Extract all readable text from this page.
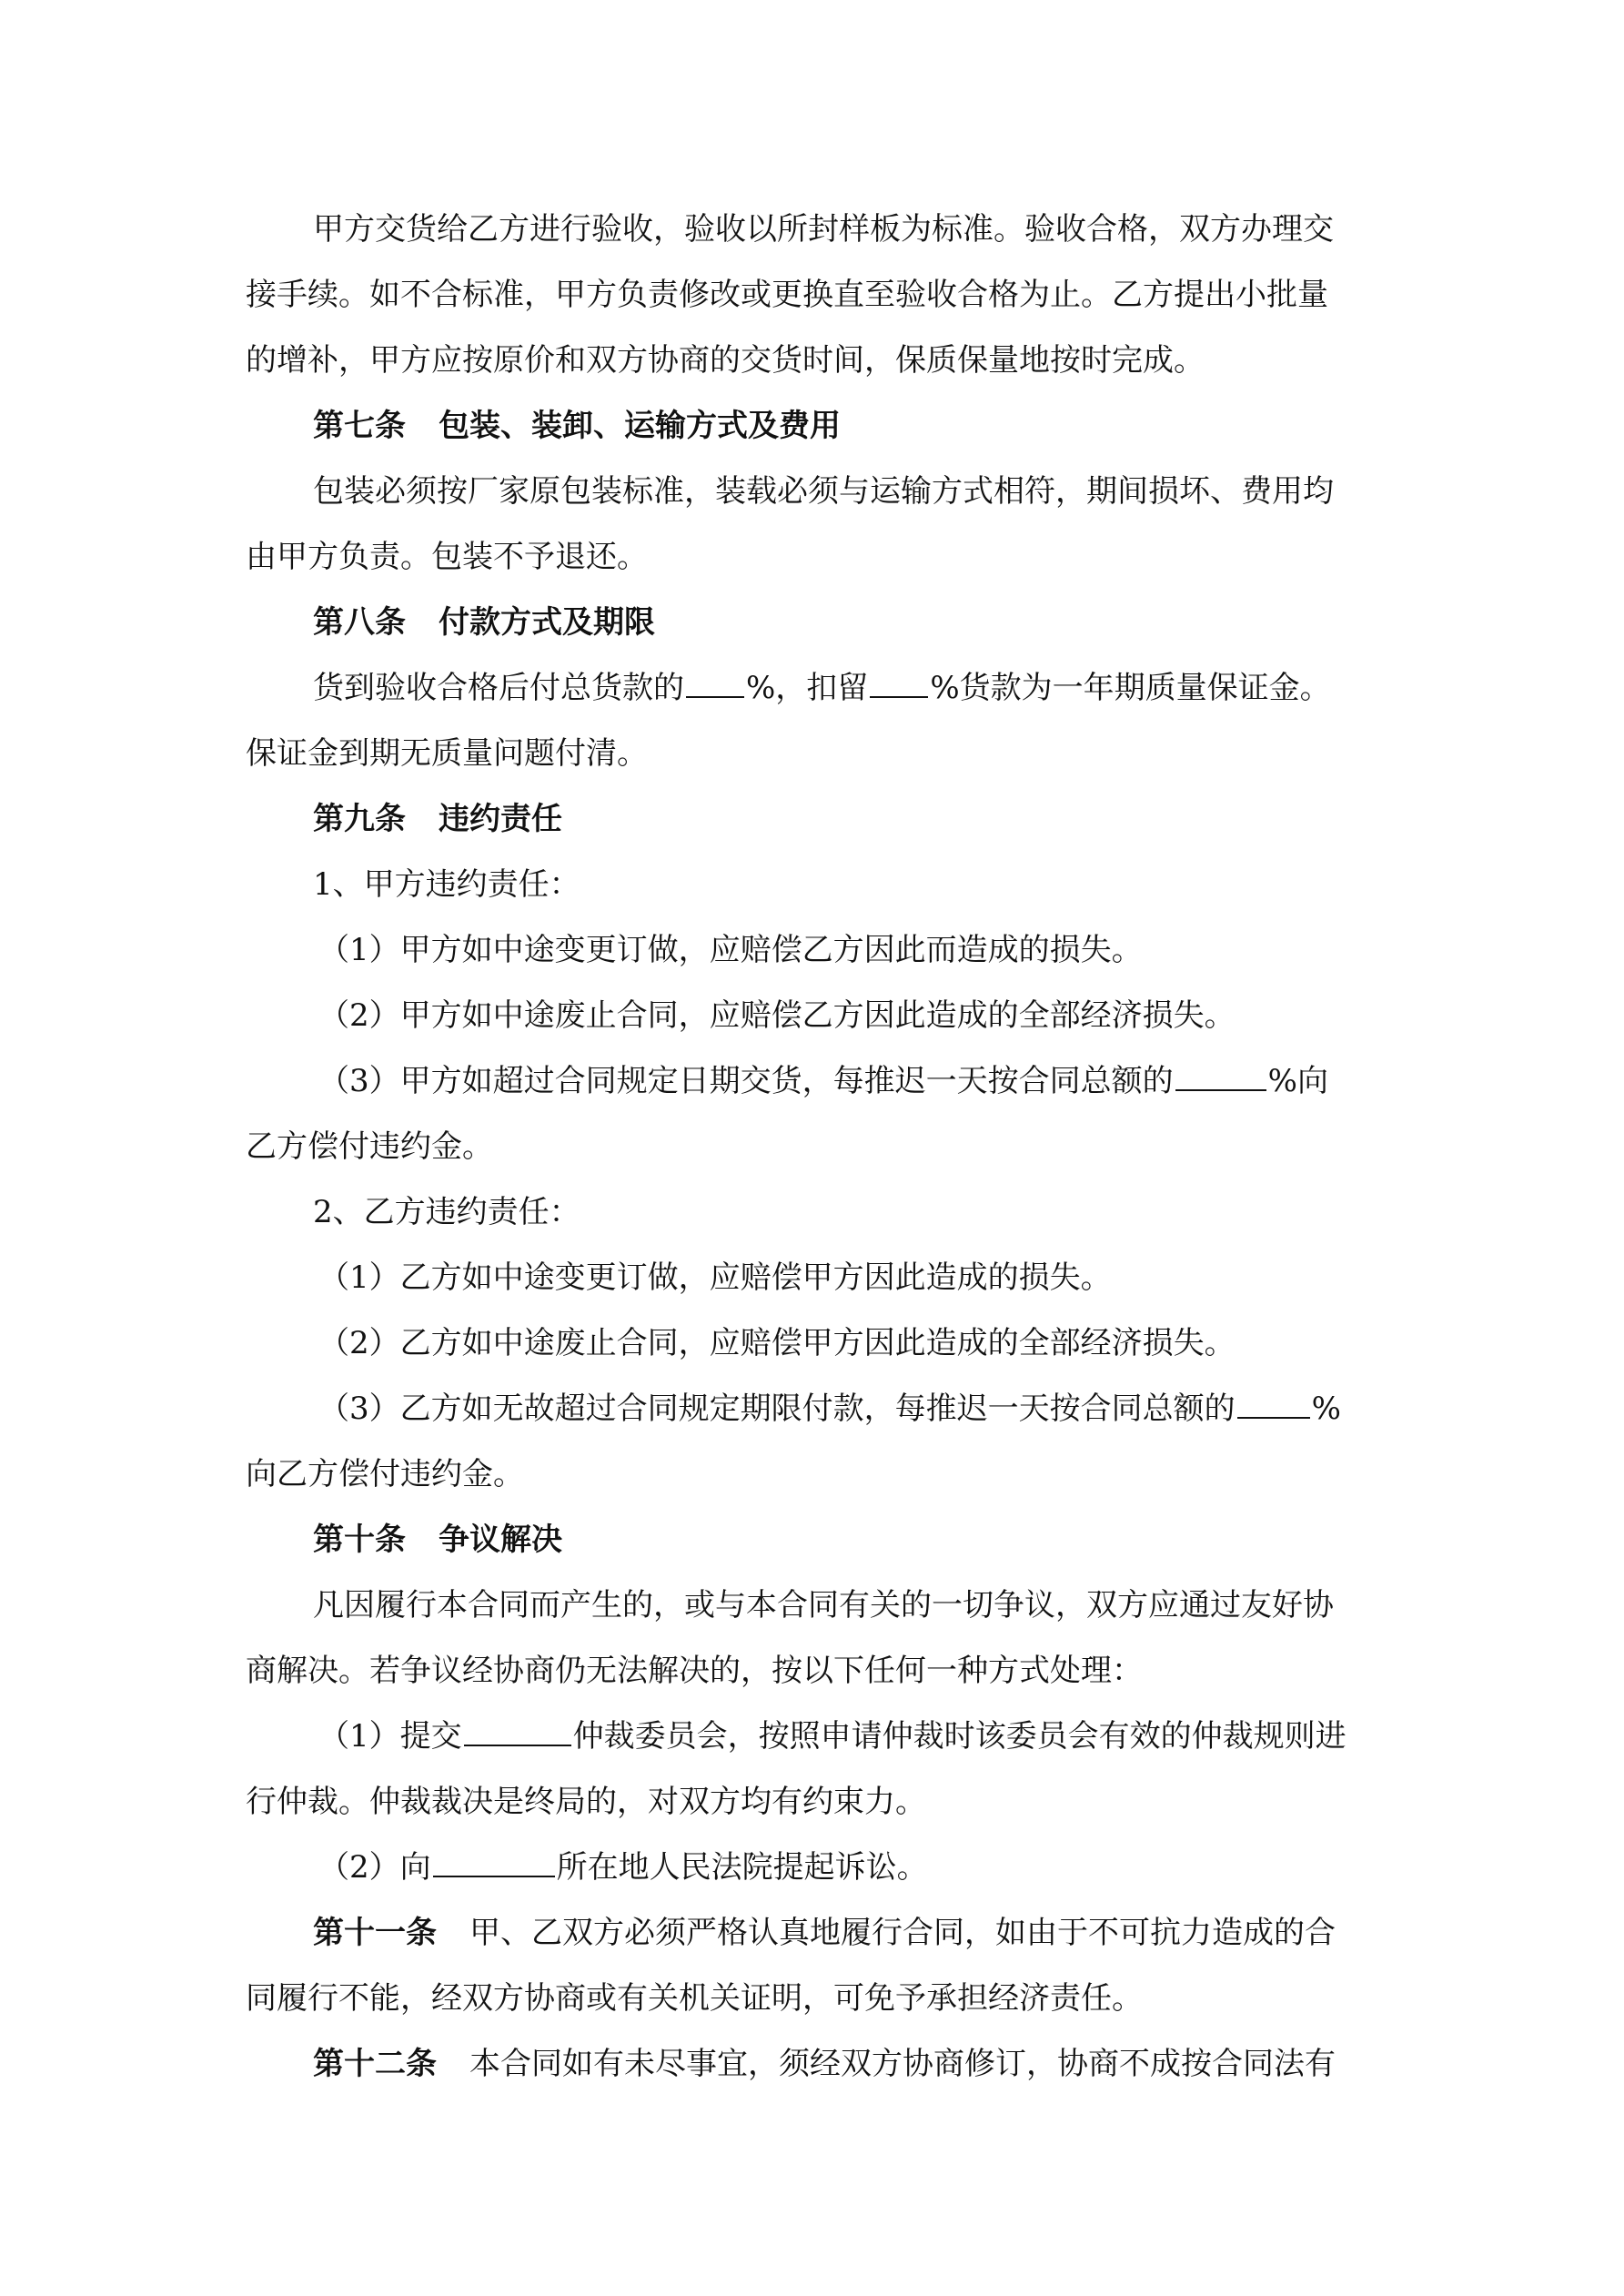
甲方交货给乙方进行验收，验收以所封样板为标准。验收合格，双方办理交
接手续。如不合标准，甲方负责修改或更换直至验收合格为止。乙方提出小批量
的增补，甲方应按原价和双方协商的交货时间，保质保量地按时完成。
第七条 包装、装卸、运输方式及费用
包装必须按厂家原包装标准，装载必须与运输方式相符，期间损坏、费用均
由甲方负责。包装不予退还。
第八条 付款方式及期限
货到验收合格后付总货款的 %，扣留 %货款为一年期质量保证金。
保证金到期无质量问题付清。
第九条 违约责任
1、甲方违约责任：
（1）甲方如中途变更订做，应赔偿乙方因此而造成的损失。
（2）甲方如中途废止合同，应赔偿乙方因此造成的全部经济损失。
（3）甲方如超过合同规定日期交货，每推迟一天按合同总额的	%向
乙方偿付违约金。
2、乙方违约责任：
（1）乙方如中途变更订做，应赔偿甲方因此造成的损失。
（2）乙方如中途废止合同，应赔偿甲方因此造成的全部经济损失。
（3）乙方如无故超过合同规定期限付款，每推迟一天按合同总额的 %
向乙方偿付违约金。
第十条 争议解决
凡因履行本合同而产生的，或与本合同有关的一切争议，双方应通过友好协
商解决。若争议经协商仍无法解决的，按以下任何一种方式处理：
（1）提交	仲裁委员会，按照申请仲裁时该委员会有效的仲裁规则进
行仲裁。仲裁裁决是终局的，对双方均有约束力。
（2）向	所在地人民法院提起诉讼。
第十一条 甲、乙双方必须严格认真地履行合同，如由于不可抗力造成的合
同履行不能，经双方协商或有关机关证明，可免予承担经济责任。
第十二条 本合同如有未尽事宜，须经双方协商修订，协商不成按合同法有
